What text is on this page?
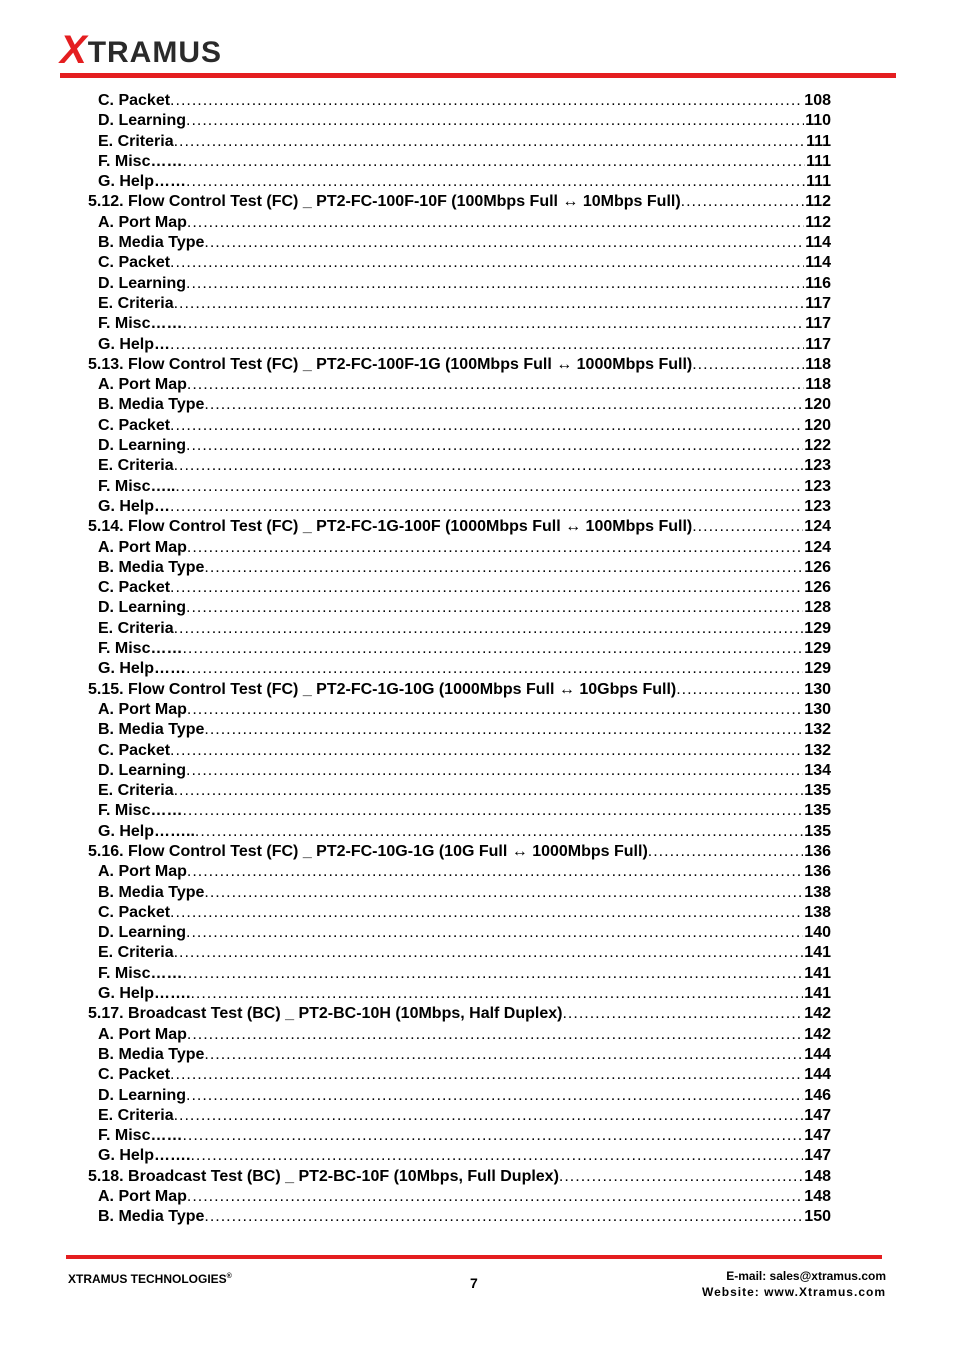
X TRAMUS
C. Packet .....	108
D. Learning .....	110
E. Criteria .....	111
F. Misc…… .....	111
G. Help…… .....	111
5.12. Flow Control Test (FC) _ PT2-FC-100F-10F (100Mbps Full ↔ 10Mbps Full) .....	112
A. Port Map .....	112
B. Media Type .....	114
C. Packet .....	114
D. Learning .....	116
E. Criteria .....	117
F. Misc…… .....	117
G. Help… .....	117
5.13. Flow Control Test (FC) _ PT2-FC-100F-1G (100Mbps Full ↔ 1000Mbps Full) .....	118
A. Port Map .....	118
B. Media Type .....	120
C. Packet .....	120
D. Learning .....	122
E. Criteria .....	123
F. Misc….. .....	123
G. Help… .....	123
5.14. Flow Control Test (FC) _ PT2-FC-1G-100F (1000Mbps Full ↔ 100Mbps Full) .....	124
A. Port Map .....	124
B. Media Type .....	126
C. Packet .....	126
D. Learning .....	128
E. Criteria .....	129
F. Misc…… .....	129
G. Help…… .....	129
5.15. Flow Control Test (FC) _ PT2-FC-1G-10G (1000Mbps Full ↔ 10Gbps Full) .....	130
A. Port Map .....	130
B. Media Type .....	132
C. Packet .....	132
D. Learning .....	134
E. Criteria .....	135
F. Misc…… .....	135
G. Help…….. .....	135
5.16. Flow Control Test (FC) _ PT2-FC-10G-1G (10G Full ↔ 1000Mbps Full) .....	136
A. Port Map .....	136
B. Media Type .....	138
C. Packet .....	138
D. Learning .....	140
E. Criteria .....	141
F. Misc…… .....	141
G. Help……. .....	141
5.17. Broadcast Test (BC) _ PT2-BC-10H (10Mbps, Half Duplex) .....	142
A. Port Map .....	142
B. Media Type .....	144
C. Packet .....	144
D. Learning .....	146
E. Criteria .....	147
F. Misc…… .....	147
G. Help……. .....	147
5.18. Broadcast Test (BC) _ PT2-BC-10F (10Mbps, Full Duplex) .....	148
A. Port Map .....	148
B. Media Type .....	150
XTRAMUS TECHNOLOGIES®	7	E-mail: sales@xtramus.com
Website: www.Xtramus.com
